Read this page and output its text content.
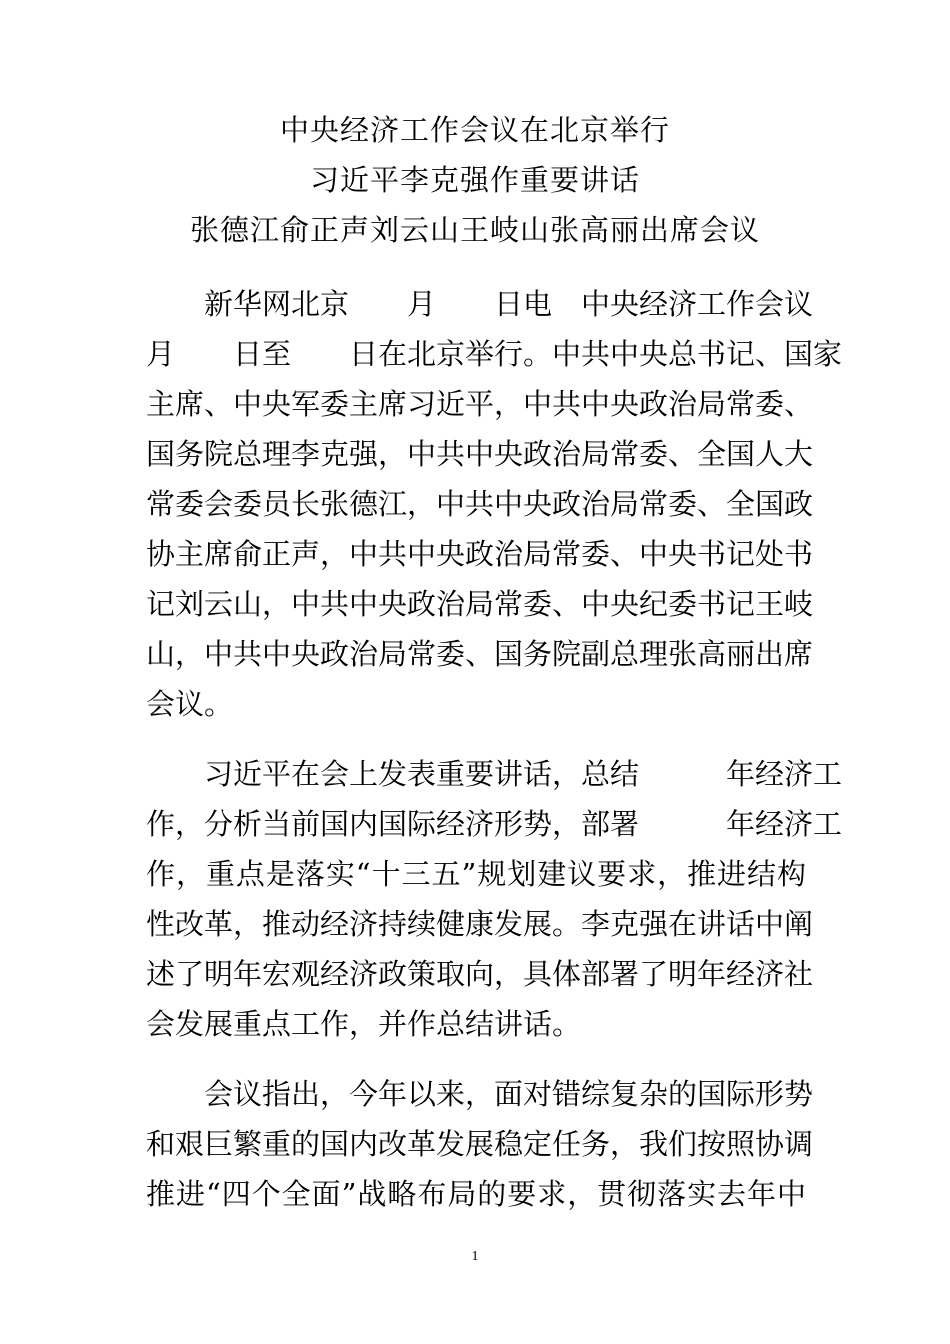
中央经济工作会议在北京举行
习近平李克强作重要讲话
张德江俞正声刘云山王岐山张高丽出席会议
新华网北京　　月　　日电　中央经济工作会议
月　　日至　　日在北京举行。中共中央总书记、国家
主席、中央军委主席习近平，中共中央政治局常委、
国务院总理李克强，中共中央政治局常委、全国人大
常委会委员长张德江，中共中央政治局常委、全国政
协主席俞正声，中共中央政治局常委、中央书记处书
记刘云山，中共中央政治局常委、中央纪委书记王岐
山，中共中央政治局常委、国务院副总理张高丽出席
会议。
习近平在会上发表重要讲话，总结　　　年经济工
作，分析当前国内国际经济形势，部署　　　年经济工
作，重点是落实“十三五”规划建议要求，推进结构
性改革，推动经济持续健康发展。李克强在讲话中阐
述了明年宏观经济政策取向，具体部署了明年经济社
会发展重点工作，并作总结讲话。
会议指出，今年以来，面对错综复杂的国际形势
和艰巨繁重的国内改革发展稳定任务，我们按照协调
推进“四个全面”战略布局的要求，贯彻落实去年中
1
